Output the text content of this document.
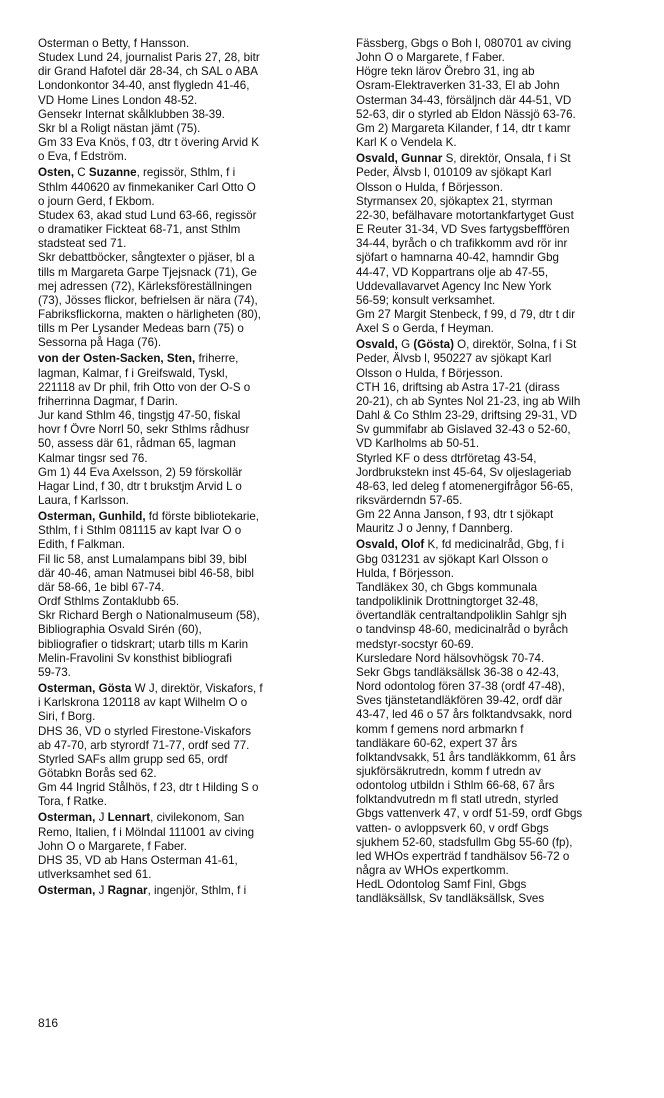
Osterman o Betty, f Hansson.
Studex Lund 24, journalist Paris 27, 28, bitr
dir Grand Hafotel där 28-34, ch SAL o ABA
Londonkontor 34-40, anst flygledn 41-46,
VD Home Lines London 48-52.
Gensekr Internat skålklubben 38-39.
Skr bl a Roligt nästan jämt (75).
Gm 33 Eva Knös, f 03, dtr t övering Arvid K
o Eva, f Edström.
Osten, C Suzanne, regissör, Sthlm, f i
Sthlm 440620 av finmekaniker Carl Otto O
o journ Gerd, f Ekbom.
Studex 63, akad stud Lund 63-66, regissör
o dramatiker Fickteat 68-71, anst Sthlm
stadsteat sed 71.
Skr debattböcker, sångtexter o pjäser, bl a
tills m Margareta Garpe Tjejsnack (71), Ge
mej adressen (72), Kärleksföreställningen
(73), Jösses flickor, befrielsen är nära (74),
Fabriksflickorna, makten o härligheten (80),
tills m Per Lysander Medeas barn (75) o
Sessorna på Haga (76).
von der Osten-Sacken, Sten, friherre,
lagman, Kalmar, f i Greifswald, Tyskl,
221118 av Dr phil, frih Otto von der O-S o
friherrinna Dagmar, f Darin.
Jur kand Sthlm 46, tingstjg 47-50, fiskal
hovr f Övre Norrl 50, sekr Sthlms rådhusr
50, assess där 61, rådman 65, lagman
Kalmar tingsr sed 76.
Gm 1) 44 Eva Axelsson, 2) 59 förskollär
Hagar Lind, f 30, dtr t brukstjm Arvid L o
Laura, f Karlsson.
Osterman, Gunhild, fd förste bibliotekarie,
Sthlm, f i Sthlm 081115 av kapt Ivar O o
Edith, f Falkman.
Fil lic 58, anst Lumalampans bibl 39, bibl
där 40-46, aman Natmusei bibl 46-58, bibl
där 58-66, 1e bibl 67-74.
Ordf Sthlms Zontaklubb 65.
Skr Richard Bergh o Nationalmuseum (58),
Bibliographia Osvald Sirén (60),
bibliografier o tidskrart; utarb tills m Karin
Melin-Fravolini Sv konsthist bibliografi
59-73.
Osterman, Gösta W J, direktör, Viskafors, f
i Karlskrona 120118 av kapt Wilhelm O o
Siri, f Borg.
DHS 36, VD o styrled Firestone-Viskafors
ab 47-70, arb styrordf 71-77, ordf sed 77.
Styrled SAFs allm grupp sed 65, ordf
Götabkn Borås sed 62.
Gm 44 Ingrid Stålhös, f 23, dtr t Hilding S o
Tora, f Ratke.
Osterman, J Lennart, civilekonom, San
Remo, Italien, f i Mölndal 111001 av civing
John O o Margarete, f Faber.
DHS 35, VD ab Hans Osterman 41-61,
utlverksamhet sed 61.
Osterman, J Ragnar, ingenjör, Sthlm, f i
Fässberg, Gbgs o Boh l, 080701 av civing
John O o Margarete, f Faber.
Högre tekn lärov Örebro 31, ing ab
Osram-Elektraverken 31-33, El ab John
Osterman 34-43, försäljnch där 44-51, VD
52-63, dir o styrled ab Eldon Nässjö 63-76.
Gm 2) Margareta Kilander, f 14, dtr t kamr
Karl K o Vendela K.
Osvald, Gunnar S, direktör, Onsala, f i St
Peder, Älvsb l, 010109 av sjökapt Karl
Olsson o Hulda, f Börjesson.
Styrmansex 20, sjökaptex 21, styrman
22-30, befälhavare motortankfartyget Gust
E Reuter 31-34, VD Sves fartygsbefffören
34-44, byråch o ch trafikkomm avd rör inr
sjöfart o hamnarna 40-42, hamndir Gbg
44-47, VD Koppartrans olje ab 47-55,
Uddevallavarvet Agency Inc New York
56-59; konsult verksamhet.
Gm 27 Margit Stenbeck, f 99, d 79, dtr t dir
Axel S o Gerda, f Heyman.
Osvald, G (Gösta) O, direktör, Solna, f i St
Peder, Älvsb l, 950227 av sjökapt Karl
Olsson o Hulda, f Börjesson.
CTH 16, driftsing ab Astra 17-21 (dirass
20-21), ch ab Syntes Nol 21-23, ing ab Wilh
Dahl & Co Sthlm 23-29, driftsing 29-31, VD
Sv gummifabr ab Gislaved 32-43 o 52-60,
VD Karlholms ab 50-51.
Styrled KF o dess dtrföretag 43-54,
Jordbrukstekn inst 45-64, Sv oljeslageriab
48-63, led deleg f atomenergifrågor 56-65,
riksvärderndn 57-65.
Gm 22 Anna Janson, f 93, dtr t sjökapt
Mauritz J o Jenny, f Dannberg.
Osvald, Olof K, fd medicinalråd, Gbg, f i
Gbg 031231 av sjökapt Karl Olsson o
Hulda, f Börjesson.
Tandläkex 30, ch Gbgs kommunala
tandpoliklinik Drottningtorget 32-48,
övertandläk centraltandpoliklin Sahlgr sjh
o tandvinsp 48-60, medicinalråd o byråch
medstyr-socstyr 60-69.
Kursledare Nord hälsovhögsk 70-74.
Sekr Gbgs tandläksällsk 36-38 o 42-43,
Nord odontolog fören 37-38 (ordf 47-48),
Sves tjänstetandläkfören 39-42, ordf där
43-47, led 46 o 57 års folktandvsakk, nord
komm f gemens nord arbmarkn f
tandläkare 60-62, expert 37 års
folktandvsakk, 51 års tandläkkomm, 61 års
sjukförsäkrutredn, komm f utredn av
odontolog utbildn i Sthlm 66-68, 67 års
folktandvutredn m fl statl utredn, styrled
Gbgs vattenverk 47, v ordf 51-59, ordf Gbgs
vatten- o avloppsverk 60, v ordf Gbgs
sjukhem 52-60, stadsfullm Gbg 55-60 (fp),
led WHOs experträd f tandhälsov 56-72 o
några av WHOs expertkomm.
HedL Odontolog Samf Finl, Gbgs
tandläksällsk, Sv tandläksällsk, Sves
816
